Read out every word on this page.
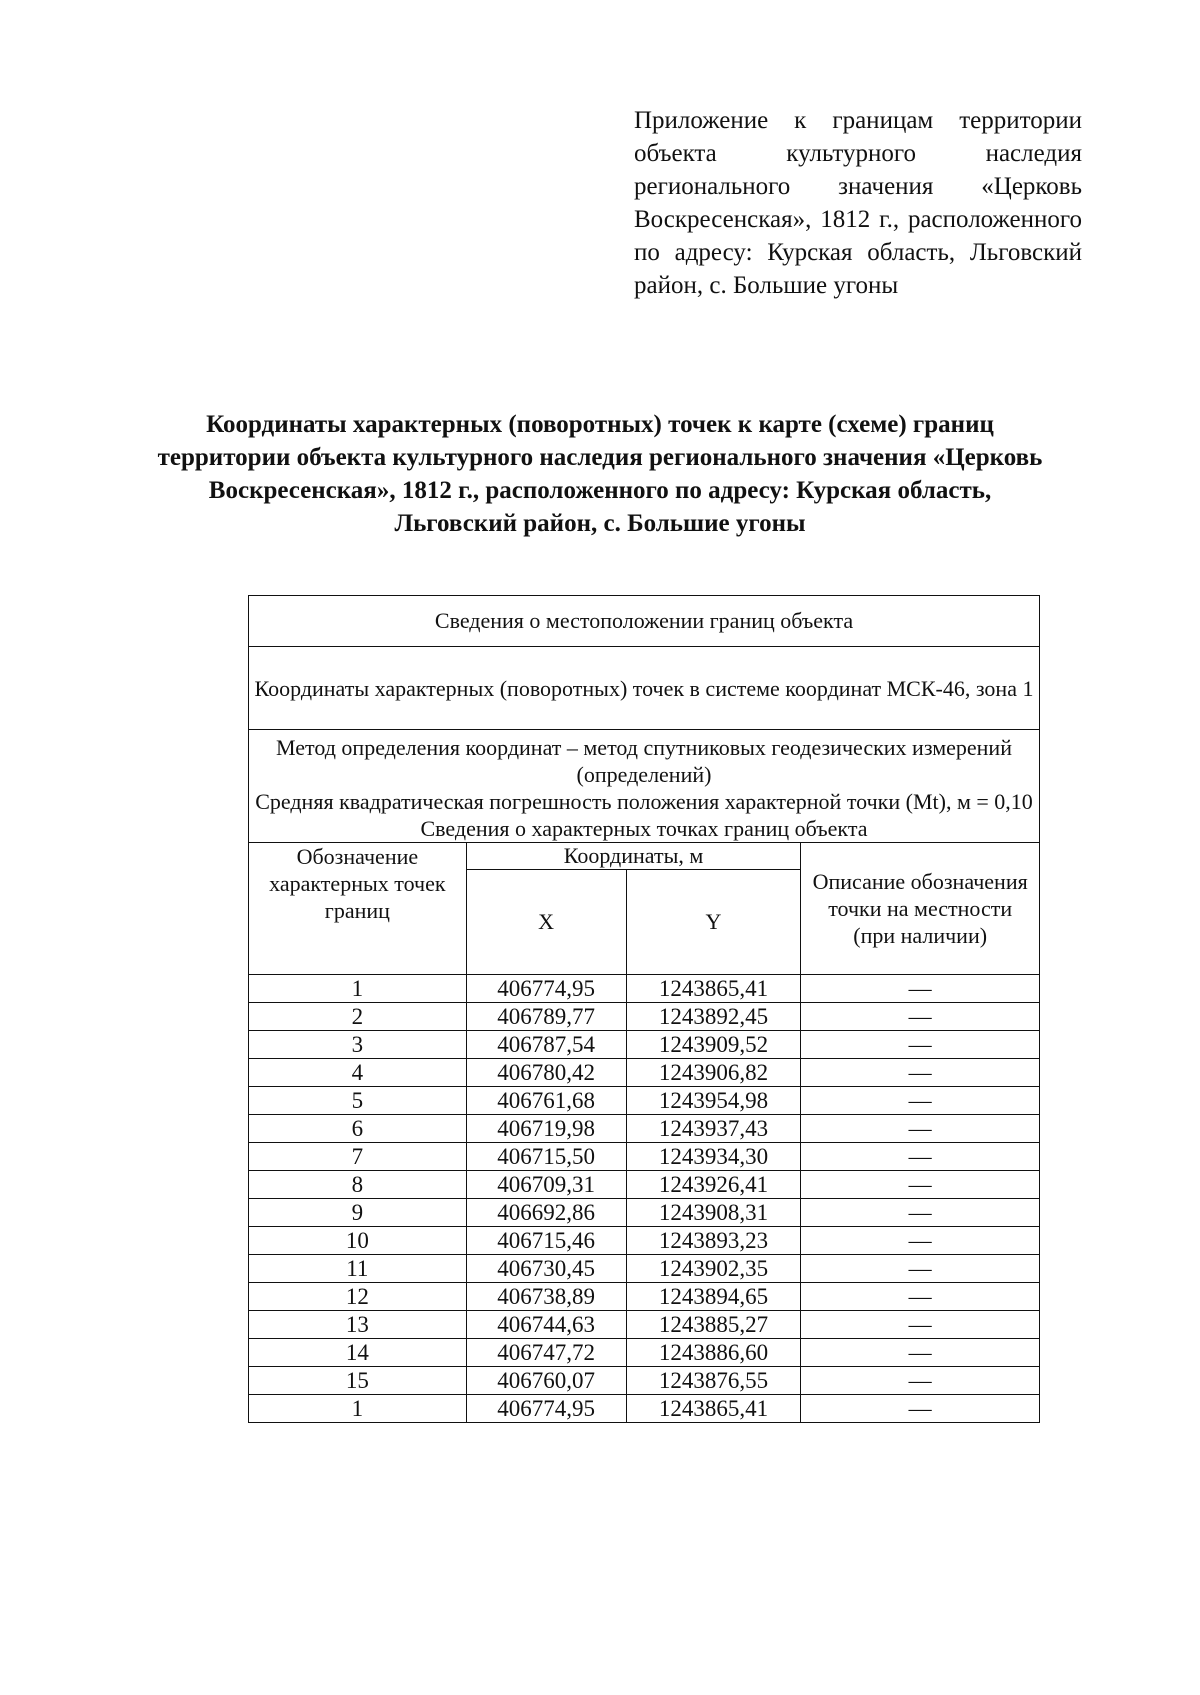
Приложение к границам территории объекта культурного наследия регионального значения «Церковь Воскресенская», 1812 г., расположенного по адресу: Курская область, Льговский район, с. Большие угоны
Координаты характерных (поворотных) точек к карте (схеме) границ территории объекта культурного наследия регионального значения «Церковь Воскресенская», 1812 г., расположенного по адресу: Курская область, Льговский район, с. Большие угоны
Сведения о местоположении границ объекта			
Координаты характерных (поворотных) точек в системе координат МСК-46, зона 1			

Метод определения координат – метод спутниковых геодезических измерений (определений)
Средняя квадратическая погрешность положения характерной точки (Mt), м = 0,10
Сведения о характерных точках границ объекта			

Обозначение характерных точек границ	Координаты, м		Описание обозначения точки на местности (при наличии)
	X	Y	
1	406774,95	1243865,41	—
2	406789,77	1243892,45	—
3	406787,54	1243909,52	—
4	406780,42	1243906,82	—
5	406761,68	1243954,98	—
6	406719,98	1243937,43	—
7	406715,50	1243934,30	—
8	406709,31	1243926,41	—
9	406692,86	1243908,31	—
10	406715,46	1243893,23	—
11	406730,45	1243902,35	—
12	406738,89	1243894,65	—
13	406744,63	1243885,27	—
14	406747,72	1243886,60	—
15	406760,07	1243876,55	—
1	406774,95	1243865,41	—
